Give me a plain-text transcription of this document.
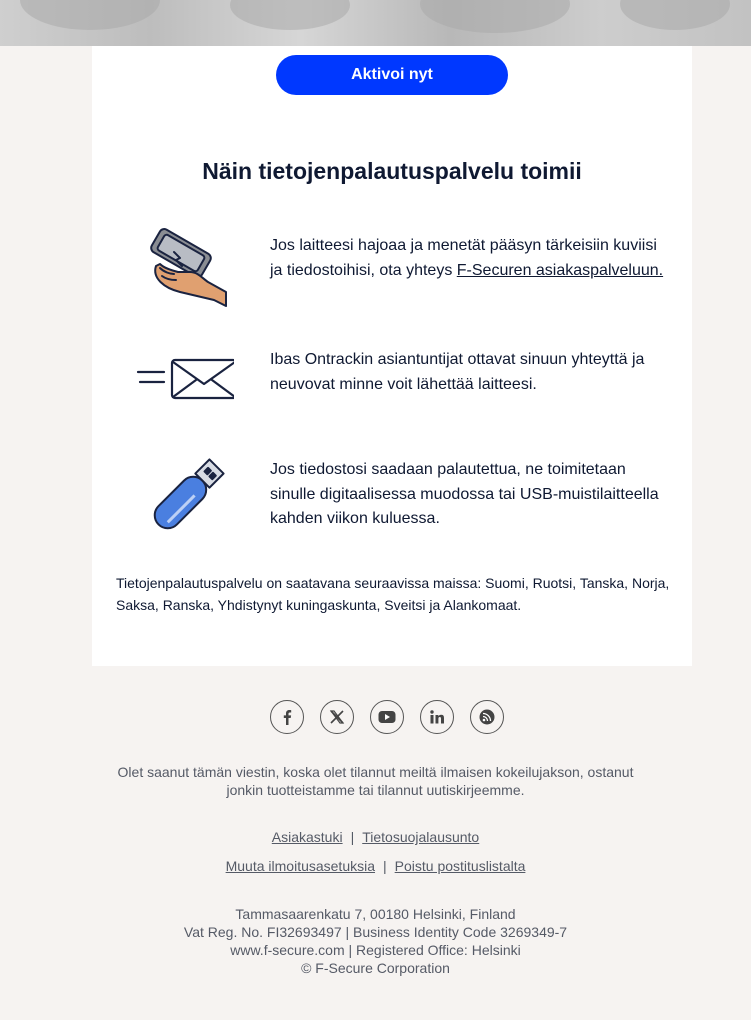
Aktivoi nyt
Näin tietojenpalautuspalvelu toimii
Jos laitteesi hajoaa ja menetät pääsyn tärkeisiin kuviisi ja tiedostoihisi, ota yhteys F-Securen asiakaspalveluun.
Ibas Ontrackin asiantuntijat ottavat sinuun yhteyttä ja neuvovat minne voit lähettää laitteesi.
Jos tiedostosi saadaan palautettua, ne toimitetaan sinulle digitaalisessa muodossa tai USB-muistilaitteella kahden viikon kuluessa.

Tietojenpalautuspalvelu on saatavana seuraavissa maissa: Suomi, Ruotsi, Tanska, Norja, Saksa, Ranska, Yhdistynyt kuningaskunta, Sveitsi ja Alankomaat.

Olet saanut tämän viestin, koska olet tilannut meiltä ilmaisen kokeilujakson, ostanut jonkin tuotteistamme tai tilannut uutiskirjeemme.

Asiakastuki | Tietosuojalausunto
Muuta ilmoitusasetuksia | Poistu postituslistalta
Tammasaarenkatu 7, 00180 Helsinki, Finland
Vat Reg. No. FI32693497 | Business Identity Code 3269349-7
www.f-secure.com | Registered Office: Helsinki
© F-Secure Corporation
